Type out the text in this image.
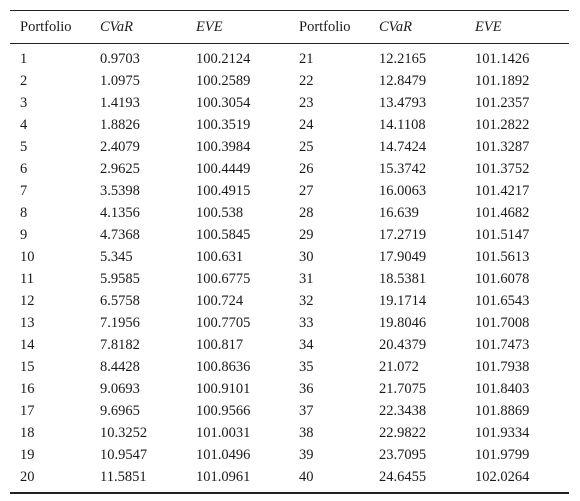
Portfolio	CVaR	EVE	Portfolio	CVaR	EVE
1	0.9703	100.2124	21	12.2165	101.1426
2	1.0975	100.2589	22	12.8479	101.1892
3	1.4193	100.3054	23	13.4793	101.2357
4	1.8826	100.3519	24	14.1108	101.2822
5	2.4079	100.3984	25	14.7424	101.3287
6	2.9625	100.4449	26	15.3742	101.3752
7	3.5398	100.4915	27	16.0063	101.4217
8	4.1356	100.538	28	16.639	101.4682
9	4.7368	100.5845	29	17.2719	101.5147
10	5.345	100.631	30	17.9049	101.5613
11	5.9585	100.6775	31	18.5381	101.6078
12	6.5758	100.724	32	19.1714	101.6543
13	7.1956	100.7705	33	19.8046	101.7008
14	7.8182	100.817	34	20.4379	101.7473
15	8.4428	100.8636	35	21.072	101.7938
16	9.0693	100.9101	36	21.7075	101.8403
17	9.6965	100.9566	37	22.3438	101.8869
18	10.3252	101.0031	38	22.9822	101.9334
19	10.9547	101.0496	39	23.7095	101.9799
20	11.5851	101.0961	40	24.6455	102.0264
